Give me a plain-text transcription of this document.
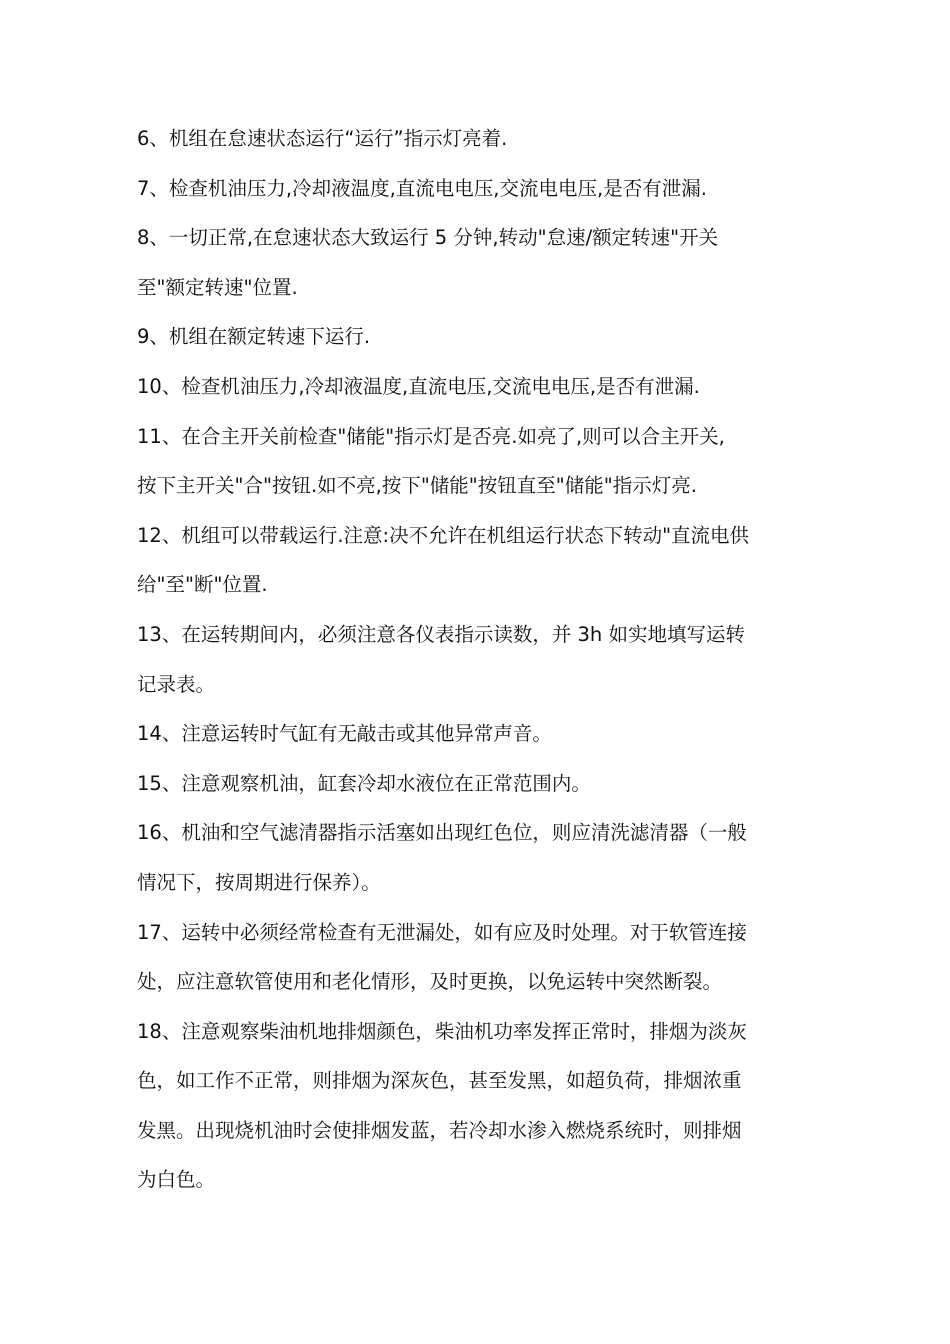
6、机组在怠速状态运行“运行”指示灯亮着.
7、检查机油压力,冷却液温度,直流电电压,交流电电压,是否有泄漏.
8、一切正常,在怠速状态大致运行 5 分钟,转动"怠速/额定转速"开关
至"额定转速"位置.
9、机组在额定转速下运行.
10、检查机油压力,冷却液温度,直流电压,交流电电压,是否有泄漏.
11、在合主开关前检查"储能"指示灯是否亮.如亮了,则可以合主开关,
按下主开关"合"按钮.如不亮,按下"储能"按钮直至"储能"指示灯亮.
12、机组可以带载运行.注意:决不允许在机组运行状态下转动"直流电供
给"至"断"位置.
13、在运转期间内，必须注意各仪表指示读数，并 3h 如实地填写运转
记录表。
14、注意运转时气缸有无敲击或其他异常声音。
15、注意观察机油，缸套冷却水液位在正常范围内。
16、机油和空气滤清器指示活塞如出现红色位，则应清洗滤清器（一般
情况下，按周期进行保养）。
17、运转中必须经常检查有无泄漏处，如有应及时处理。对于软管连接
处，应注意软管使用和老化情形，及时更换，以免运转中突然断裂。
18、注意观察柴油机地排烟颜色，柴油机功率发挥正常时，排烟为淡灰
色，如工作不正常，则排烟为深灰色，甚至发黑，如超负荷，排烟浓重
发黑。出现烧机油时会使排烟发蓝，若冷却水渗入燃烧系统时，则排烟
为白色。
